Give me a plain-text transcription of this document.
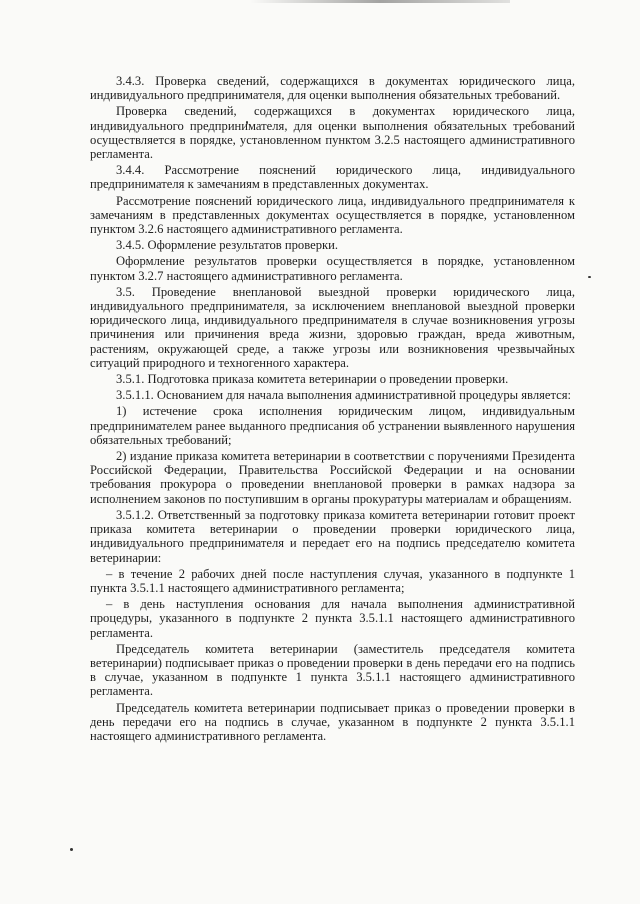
3.4.3. Проверка сведений, содержащихся в документах юридического лица, индивидуального предпринимателя, для оценки выполнения обязательных требований.

Проверка сведений, содержащихся в документах юридического лица, индивидуального предпринимателя, для оценки выполнения обязательных требований осуществляется в порядке, установленном пунктом 3.2.5 настоящего административного регламента.

3.4.4. Рассмотрение пояснений юридического лица, индивидуального предпринимателя к замечаниям в представленных документах.

Рассмотрение пояснений юридического лица, индивидуального предпринимателя к замечаниям в представленных документах осуществляется в порядке, установленном пунктом 3.2.6 настоящего административного регламента.

3.4.5. Оформление результатов проверки.

Оформление результатов проверки осуществляется в порядке, установленном пунктом 3.2.7 настоящего административного регламента.

3.5. Проведение внеплановой выездной проверки юридического лица, индивидуального предпринимателя, за исключением внеплановой выездной проверки юридического лица, индивидуального предпринимателя в случае возникновения угрозы причинения или причинения вреда жизни, здоровью граждан, вреда животным, растениям, окружающей среде, а также угрозы или возникновения чрезвычайных ситуаций природного и техногенного характера.

3.5.1. Подготовка приказа комитета ветеринарии о проведении проверки.

3.5.1.1. Основанием для начала выполнения административной процедуры является:

1) истечение срока исполнения юридическим лицом, индивидуальным предпринимателем ранее выданного предписания об устранении выявленного нарушения обязательных требований;

2) издание приказа комитета ветеринарии в соответствии с поручениями Президента Российской Федерации, Правительства Российской Федерации и на основании требования прокурора о проведении внеплановой проверки в рамках надзора за исполнением законов по поступившим в органы прокуратуры материалам и обращениям.

3.5.1.2. Ответственный за подготовку приказа комитета ветеринарии готовит проект приказа комитета ветеринарии о проведении проверки юридического лица, индивидуального предпринимателя и передает его на подпись председателю комитета ветеринарии:

– в течение 2 рабочих дней после наступления случая, указанного в подпункте 1 пункта 3.5.1.1 настоящего административного регламента;

– в день наступления основания для начала выполнения административной процедуры, указанного в подпункте 2 пункта 3.5.1.1 настоящего административного регламента.

Председатель комитета ветеринарии (заместитель председателя комитета ветеринарии) подписывает приказ о проведении проверки в день передачи его на подпись в случае, указанном в подпункте 1 пункта 3.5.1.1 настоящего административного регламента.

Председатель комитета ветеринарии подписывает приказ о проведении проверки в день передачи его на подпись в случае, указанном в подпункте 2 пункта 3.5.1.1 настоящего административного регламента.
